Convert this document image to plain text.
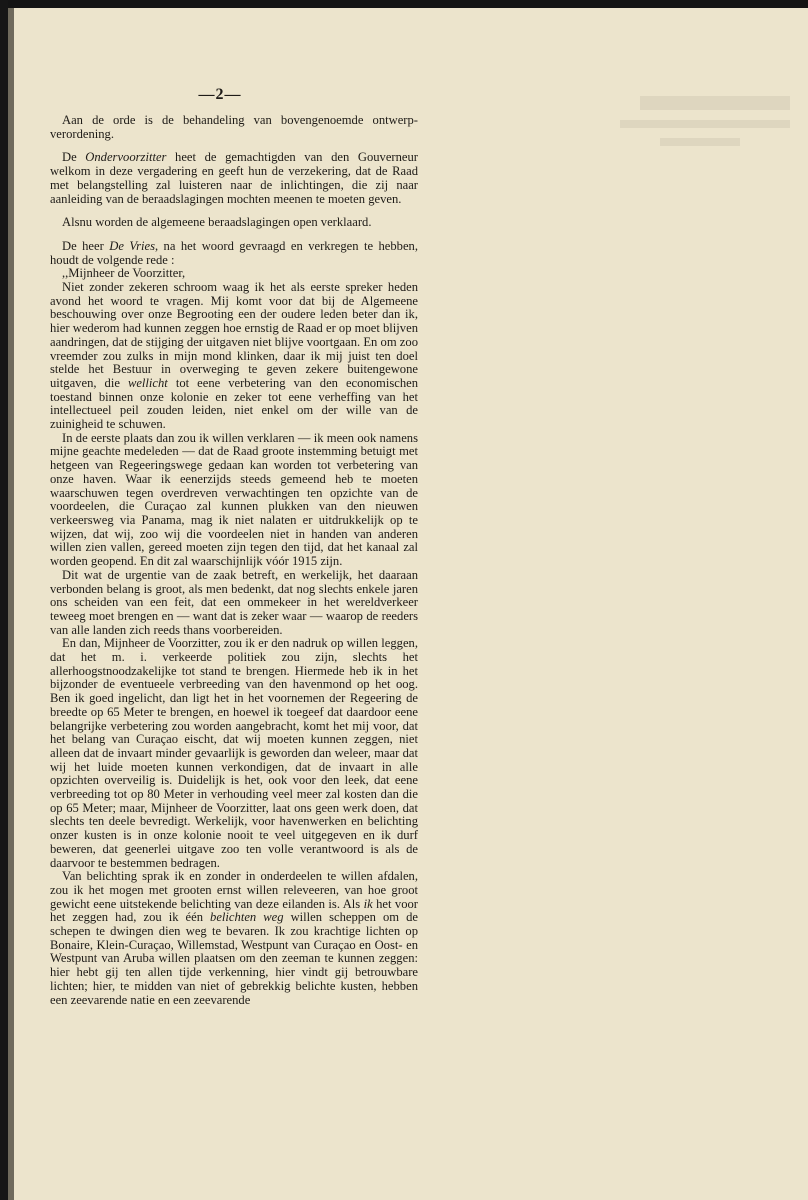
—2—

Aan de orde is de behandeling van bovengenoemde ontwerp-verordening.

De Ondervoorzitter heet de gemachtigden van den Gouverneur welkom in deze vergadering en geeft hun de verzekering, dat de Raad met belangstelling zal luisteren naar de inlichtingen, die zij naar aanleiding van de beraadslagingen mochten meenen te moeten geven.

Alsnu worden de algemeene beraadslagingen open verklaard.

De heer De Vries, na het woord gevraagd en verkregen te hebben, houdt de volgende rede :

,,Mijnheer de Voorzitter,

Niet zonder zekeren schroom waag ik het als eerste spreker heden avond het woord te vragen. Mij komt voor dat bij de Algemeene beschouwing over onze Begrooting een der oudere leden beter dan ik, hier wederom had kunnen zeggen hoe ernstig de Raad er op moet blijven aandringen, dat de stijging der uitgaven niet blijve voortgaan. En om zoo vreemder zou zulks in mijn mond klinken, daar ik mij juist ten doel stelde het Bestuur in overweging te geven zekere buitengewone uitgaven, die wellicht tot eene verbetering van den economischen toestand binnen onze kolonie en zeker tot eene verheffing van het intellectueel peil zouden leiden, niet enkel om der wille van de zuinigheid te schuwen.

In de eerste plaats dan zou ik willen verklaren — ik meen ook namens mijne geachte medeleden — dat de Raad groote instemming betuigt met hetgeen van Regeeringswege gedaan kan worden tot verbetering van onze haven. Waar ik eenerzijds steeds gemeend heb te moeten waarschuwen tegen overdreven verwachtingen ten opzichte van de voordeelen, die Curaçao zal kunnen plukken van den nieuwen verkeersweg via Panama, mag ik niet nalaten er uitdrukkelijk op te wijzen, dat wij, zoo wij die voordeelen niet in handen van anderen willen zien vallen, gereed moeten zijn tegen den tijd, dat het kanaal zal worden geopend. En dit zal waarschijnlijk vóór 1915 zijn.

Dit wat de urgentie van de zaak betreft, en werkelijk, het daaraan verbonden belang is groot, als men bedenkt, dat nog slechts enkele jaren ons scheiden van een feit, dat een ommekeer in het wereldverkeer teweeg moet brengen en — want dat is zeker waar — waarop de reeders van alle landen zich reeds thans voorbereiden.

En dan, Mijnheer de Voorzitter, zou ik er den nadruk op willen leggen, dat het m. i. verkeerde politiek zou zijn, slechts het allerhoogstnoodzakelijke tot stand te brengen. Hiermede heb ik in het bijzonder de eventueele verbreeding van den havenmond op het oog. Ben ik goed ingelicht, dan ligt het in het voornemen der Regeering de breedte op 65 Meter te brengen, en hoewel ik toegeef dat daardoor eene belangrijke verbetering zou worden aangebracht, komt het mij voor, dat het belang van Curaçao eischt, dat wij moeten kunnen zeggen, niet alleen dat de invaart minder gevaarlijk is geworden dan weleer, maar dat wij het luide moeten kunnen verkondigen, dat de invaart in alle opzichten overveilig is. Duidelijk is het, ook voor den leek, dat eene verbreeding tot op 80 Meter in verhouding veel meer zal kosten dan die op 65 Meter; maar, Mijnheer de Voorzitter, laat ons geen werk doen, dat slechts ten deele bevredigt. Werkelijk, voor havenwerken en belichting onzer kusten is in onze kolonie nooit te veel uitgegeven en ik durf beweren, dat geenerlei uitgave zoo ten volle verantwoord is als de daarvoor te bestemmen bedragen.

Van belichting sprak ik en zonder in onderdeelen te willen afdalen, zou ik het mogen met grooten ernst willen releveeren, van hoe groot gewicht eene uitstekende belichting van deze eilanden is. Als ik het voor het zeggen had, zou ik één belichten weg willen scheppen om de schepen te dwingen dien weg te bevaren. Ik zou krachtige lichten op Bonaire, Klein-Curaçao, Willemstad, Westpunt van Curaçao en Oost- en Westpunt van Aruba willen plaatsen om den zeeman te kunnen zeggen: hier hebt gij ten allen tijde verkenning, hier vindt gij betrouwbare lichten; hier, te midden van niet of gebrekkig belichte kusten, hebben een zeevarende natie en een zeevarende
